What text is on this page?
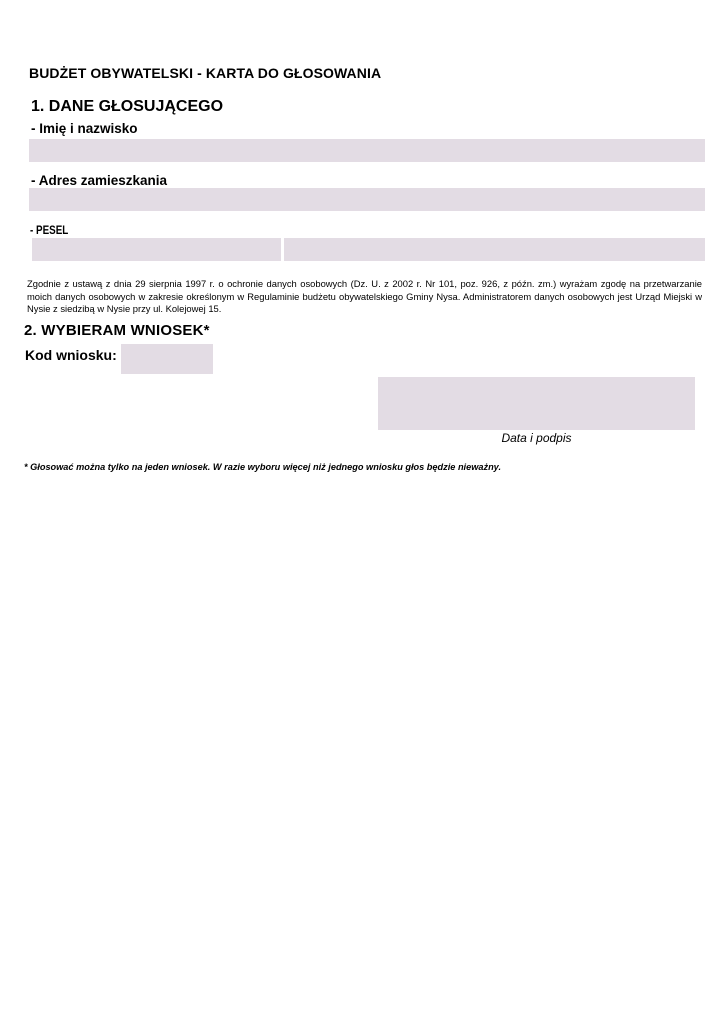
BUDŻET OBYWATELSKI - KARTA DO GŁOSOWANIA
1. DANE GŁOSUJĄCEGO
- Imię i nazwisko
- Adres zamieszkania
- PESEL
Zgodnie z ustawą z dnia 29 sierpnia 1997 r. o ochronie danych osobowych (Dz. U. z 2002 r. Nr 101, poz. 926, z późn. zm.) wyrażam zgodę na przetwarzanie moich danych osobowych w zakresie określonym w Regulaminie budżetu obywatelskiego Gminy Nysa. Administratorem danych osobowych jest Urząd Miejski w Nysie z siedzibą w Nysie przy ul. Kolejowej 15.
2. WYBIERAM WNIOSEK*
Kod wniosku:
Data i podpis
* Głosować można tylko na jeden wniosek. W razie wyboru więcej niż jednego wniosku głos będzie nieważny.
